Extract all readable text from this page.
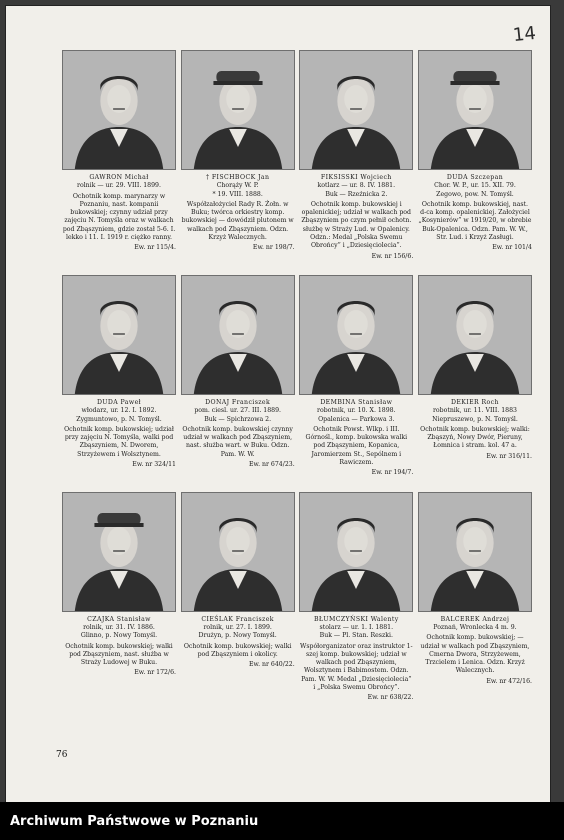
14
GAWRON Michał
rolnik — ur. 29. VIII. 1899.
Ochotnik komp. marynarzy w Poznaniu, nast. kompanii bukowskiej; czynny udział przy zajęciu N. Tomyśla oraz w walkach pod Zbąszyniem, gdzie został 5-6. I. lekko i 11. I. 1919 r. ciężko ranny.
Ew. nr 115/4.
† FISCHBOCK Jan
Chorąży W. P.
* 19. VIII. 1888.
Współzałożyciel Rady R. Żołn. w Buku; twórca orkiestry komp. bukowskiej — dowódził plutonem w walkach pod Zbąszyniem. Odzn. Krzyż Walecznych.
Ew. nr 198/7.
FIKSISSKI Wojciech
kotlarz — ur. 8. IV. 1881.
Buk — Rzeźnicka 2.
Ochotnik komp. bukowskiej i opalenickiej; udział w walkach pod Zbąszyniem po czym pełnił ochotn. służbę w Straży Lud. w Opalenicy. Odzn.: Medal „Polska Swemu Obrońcy” i „Dziesięciolecia”.
Ew. nr 156/6.
DUDA Szczepan
Chor. W. P., ur. 15. XII. 79.
Zegowo, pow. N. Tomyśl.
Ochotnik komp. bukowskiej, nast. d-ca komp. opalenickiej. Założyciel „Kosynierów” w 1919/20, w obrebie Buk-Opalenica. Odzn. Pam. W. W., Str. Lud. i Krzyż Zasługi.
Ew. nr 101/4
DUDA Paweł
włodarz, ur. 12. I. 1892.
Zygmuntowo, p. N. Tomyśl.
Ochotnik komp. bukowskiej; udział przy zajęciu N. Tomyśla, walki pod Zbąszyniem, N. Dworem, Strzyżewem i Wolsztynem.
Ew. nr 324/11
DONAJ Franciszek
pom. ciesl. ur. 27. III. 1889.
Buk — Spichrzowa 2.
Ochotnik komp. bukowskiej czynny udział w walkach pod Zbąszyniem, nast. służba wart. w Buku. Odzn. Pam. W. W.
Ew. nr 674/23.
DEMBINA Stanisław
robotnik, ur. 10. X. 1898.
Opalenica — Parkowa 3.
Ochotnik Powst. Wlkp. i III. Górnośl., komp. bukowska walki pod Zbąszyniem, Kopanica, Jaromierzem St., Sepólnem i Rawiczem.
Ew. nr 194/7.
DEKIER Roch
robotnik, ur. 11. VIII. 1883
Niepruszewo, p. N. Tomyśl.
Ochotnik komp. bukowskiej; walki: Zbąszyń, Nowy Dwór, Pieruny, Łomnica i stram. kol. 47 a.
Ew. nr 316/11.
CZAJKA Stanisław
rolnik, ur. 31. IV. 1886.
Glinno, p. Nowy Tomyśl.
Ochotnik komp. bukowskiej; walki pod Zbąszyniem, nast. służba w Straży Ludowej w Buku.
Ew. nr 172/6.
CIEŚLAK Franciszek
rolnik, ur. 27. I. 1899.
Drużyn, p. Nowy Tomyśl.
Ochotnik komp. bukowskiej; walki pod Zbąszyniem i okolicy.
Ew. nr 640/22.
BŁUMCZYŃSKI Walenty
stolarz — ur. 1. I. 1881.
Buk — Pl. Stan. Reszki.
Współorganizator oraz instruktor 1-szej komp. bukowskiej; udział w walkach pod Zbąszyniem, Wolsztynem i Babimostem. Odzn. Pam. W. W. Medal „Dziesięciolecia” i „Polska Swemu Obrońcy”.
Ew. nr 638/22.
BALCEREK Andrzej
Poznań, Wronlecka 4 m. 9.
Ochotnik komp. bukowskiej; — udział w walkach pod Zbąszyniem, Cmerna Dwora, Strzyżewem, Trzcielem i Lenica. Odzn. Krzyż Walecznych.
Ew. nr 472/16.
76
Archiwum Państwowe w Poznaniu
